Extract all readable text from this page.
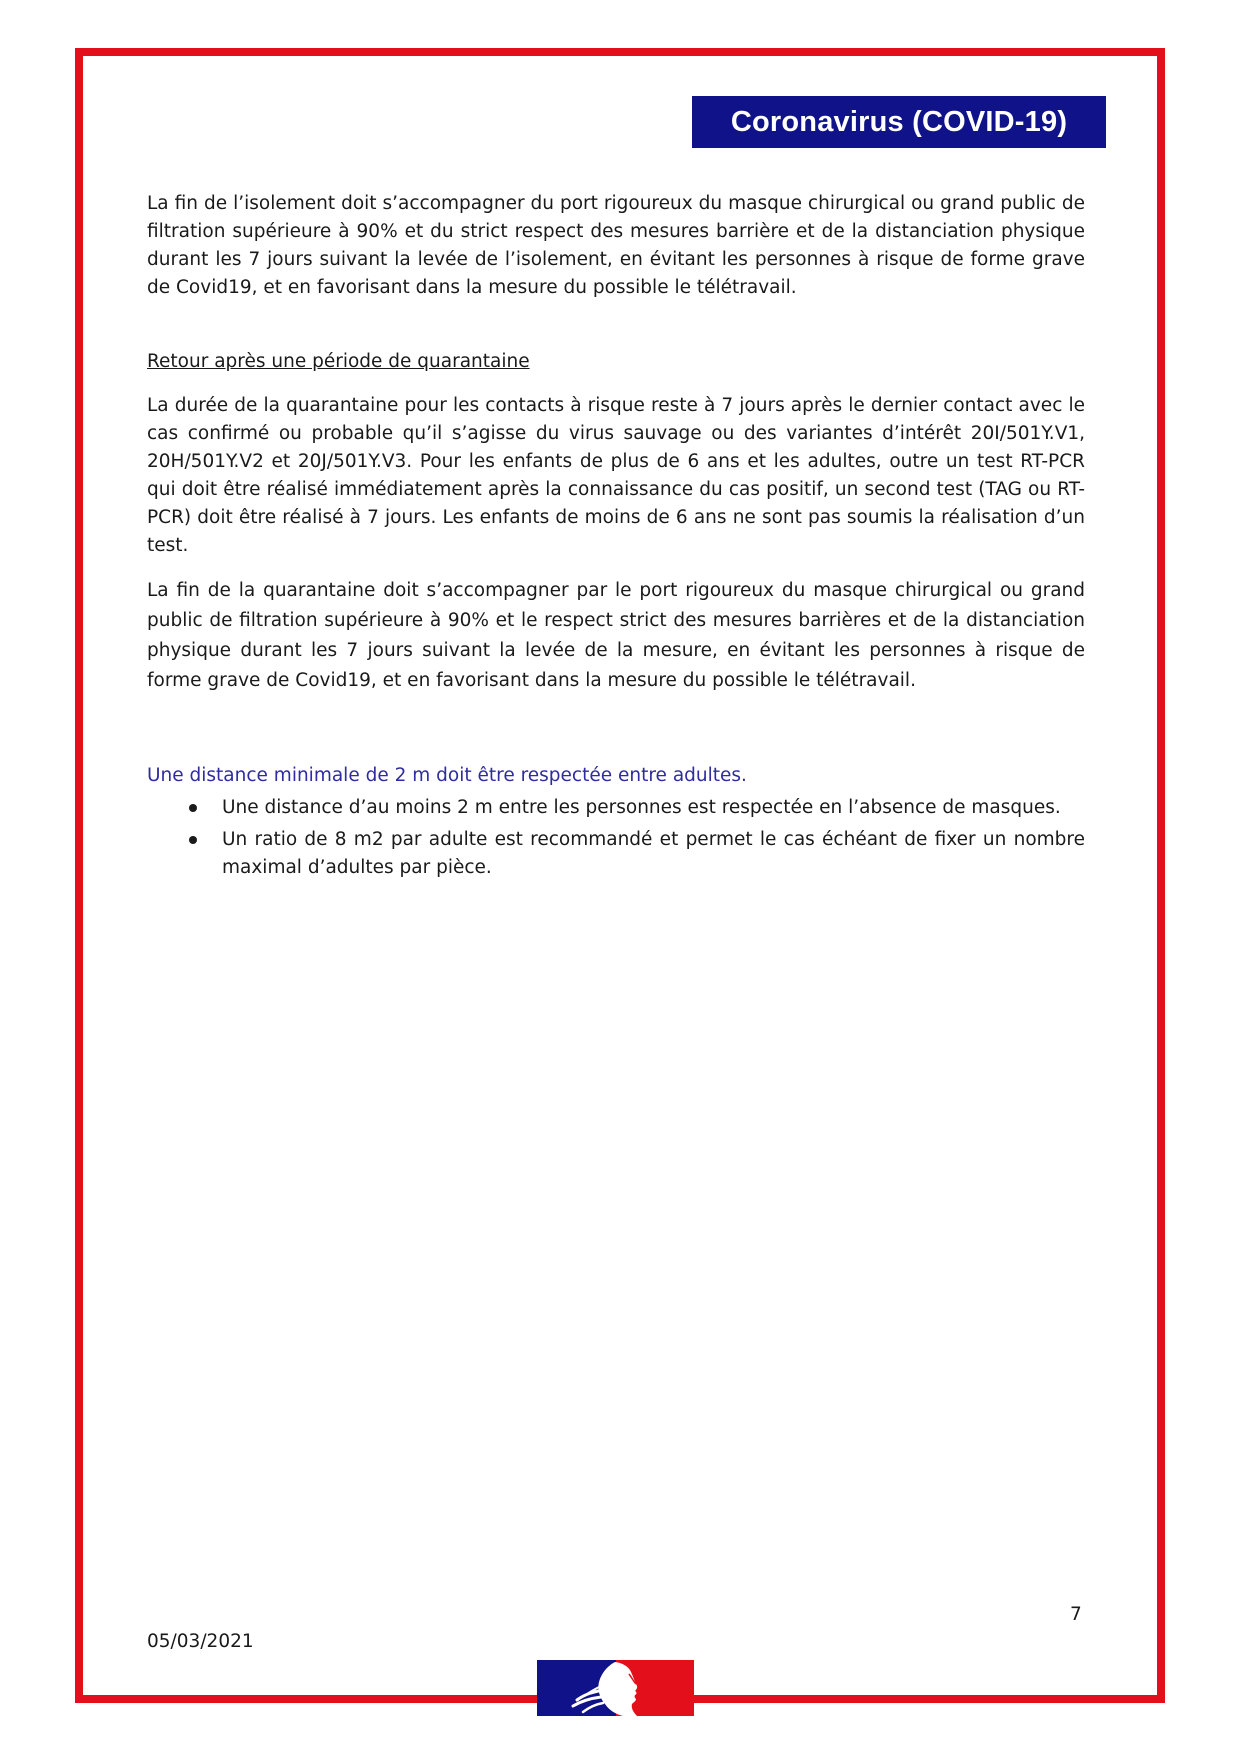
Coronavirus (COVID-19)

La fin de l’isolement doit s’accompagner du port rigoureux du masque chirurgical ou grand public de filtration supérieure à 90% et du strict respect des mesures barrière et de la distanciation physique durant les 7 jours suivant la levée de l’isolement, en évitant les personnes à risque de forme grave de Covid19, et en favorisant dans la mesure du possible le télétravail.

Retour après une période de quarantaine

La durée de la quarantaine pour les contacts à risque reste à 7 jours après le dernier contact avec le cas confirmé ou probable qu’il s’agisse du virus sauvage ou des variantes d’intérêt 20I/501Y.V1, 20H/501Y.V2 et 20J/501Y.V3. Pour les enfants de plus de 6 ans et les adultes, outre un test RT-PCR qui doit être réalisé immédiatement après la connaissance du cas positif, un second test (TAG ou RT-PCR) doit être réalisé à 7 jours. Les enfants de moins de 6 ans ne sont pas soumis la réalisation d’un test.

La fin de la quarantaine doit s’accompagner par le port rigoureux du masque chirurgical ou grand public de filtration supérieure à 90% et le respect strict des mesures barrières et de la distanciation physique durant les 7 jours suivant la levée de la mesure, en évitant les personnes à risque de forme grave de Covid19, et en favorisant dans la mesure du possible le télétravail.

Une distance minimale de 2 m doit être respectée entre adultes.

Une distance d’au moins 2 m entre les personnes est respectée en l’absence de masques.
Un ratio de 8 m2 par adulte est recommandé et permet le cas échéant de fixer un nombre maximal d’adultes par pièce.
7
05/03/2021
